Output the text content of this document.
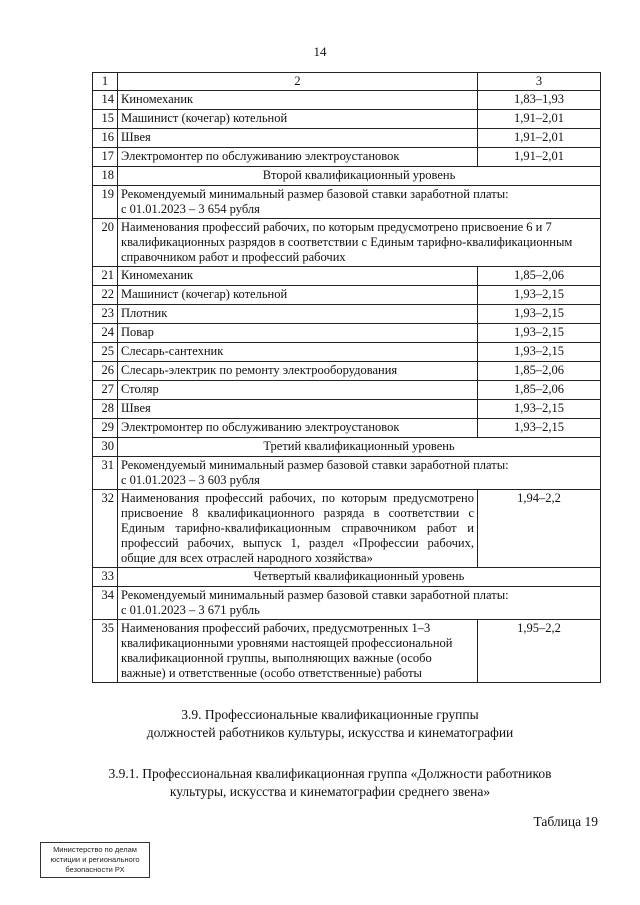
14
1	2	3
14	Киномеханик	1,83–1,93
15	Машинист (кочегар) котельной	1,91–2,01
16	Швея	1,91–2,01
17	Электромонтер по обслуживанию электроустановок	1,91–2,01
18	Второй квалификационный уровень	
19	Рекомендуемый минимальный размер базовой ставки заработной платы:
с 01.01.2023 – 3 654 рубля	
20	Наименования профессий рабочих, по которым предусмотрено присвоение 6 и 7 квалификационных разрядов в соответствии с Единым тарифно-квалификационным справочником работ и профессий рабочих	
21	Киномеханик	1,85–2,06
22	Машинист (кочегар) котельной	1,93–2,15
23	Плотник	1,93–2,15
24	Повар	1,93–2,15
25	Слесарь-сантехник	1,93–2,15
26	Слесарь-электрик по ремонту электрооборудования	1,85–2,06
27	Столяр	1,85–2,06
28	Швея	1,93–2,15
29	Электромонтер по обслуживанию электроустановок	1,93–2,15
30	Третий квалификационный уровень	
31	Рекомендуемый минимальный размер базовой ставки заработной платы:
с 01.01.2023 – 3 603 рубля	
32	Наименования профессий рабочих, по которым предусмотрено присвоение 8 квалификационного разряда в соответствии с Единым тарифно-квалификационным справочником работ и профессий рабочих, выпуск 1, раздел «Профессии рабочих, общие для всех отраслей народного хозяйства»	1,94–2,2
33	Четвертый квалификационный уровень	
34	Рекомендуемый минимальный размер базовой ставки заработной платы:
с 01.01.2023 – 3 671 рубль	
35	Наименования профессий рабочих, предусмотренных 1–3 квалификационными уровнями настоящей профессиональной квалификационной группы, выполняющих важные (особо важные) и ответственные (особо ответственные) работы	1,95–2,2
3.9. Профессиональные квалификационные группы
должностей работников культуры, искусства и кинематографии
3.9.1. Профессиональная квалификационная группа «Должности работников
культуры, искусства и кинематографии среднего звена»
Таблица 19
Министерство по делам юстиции и регионального безопасности РХ
